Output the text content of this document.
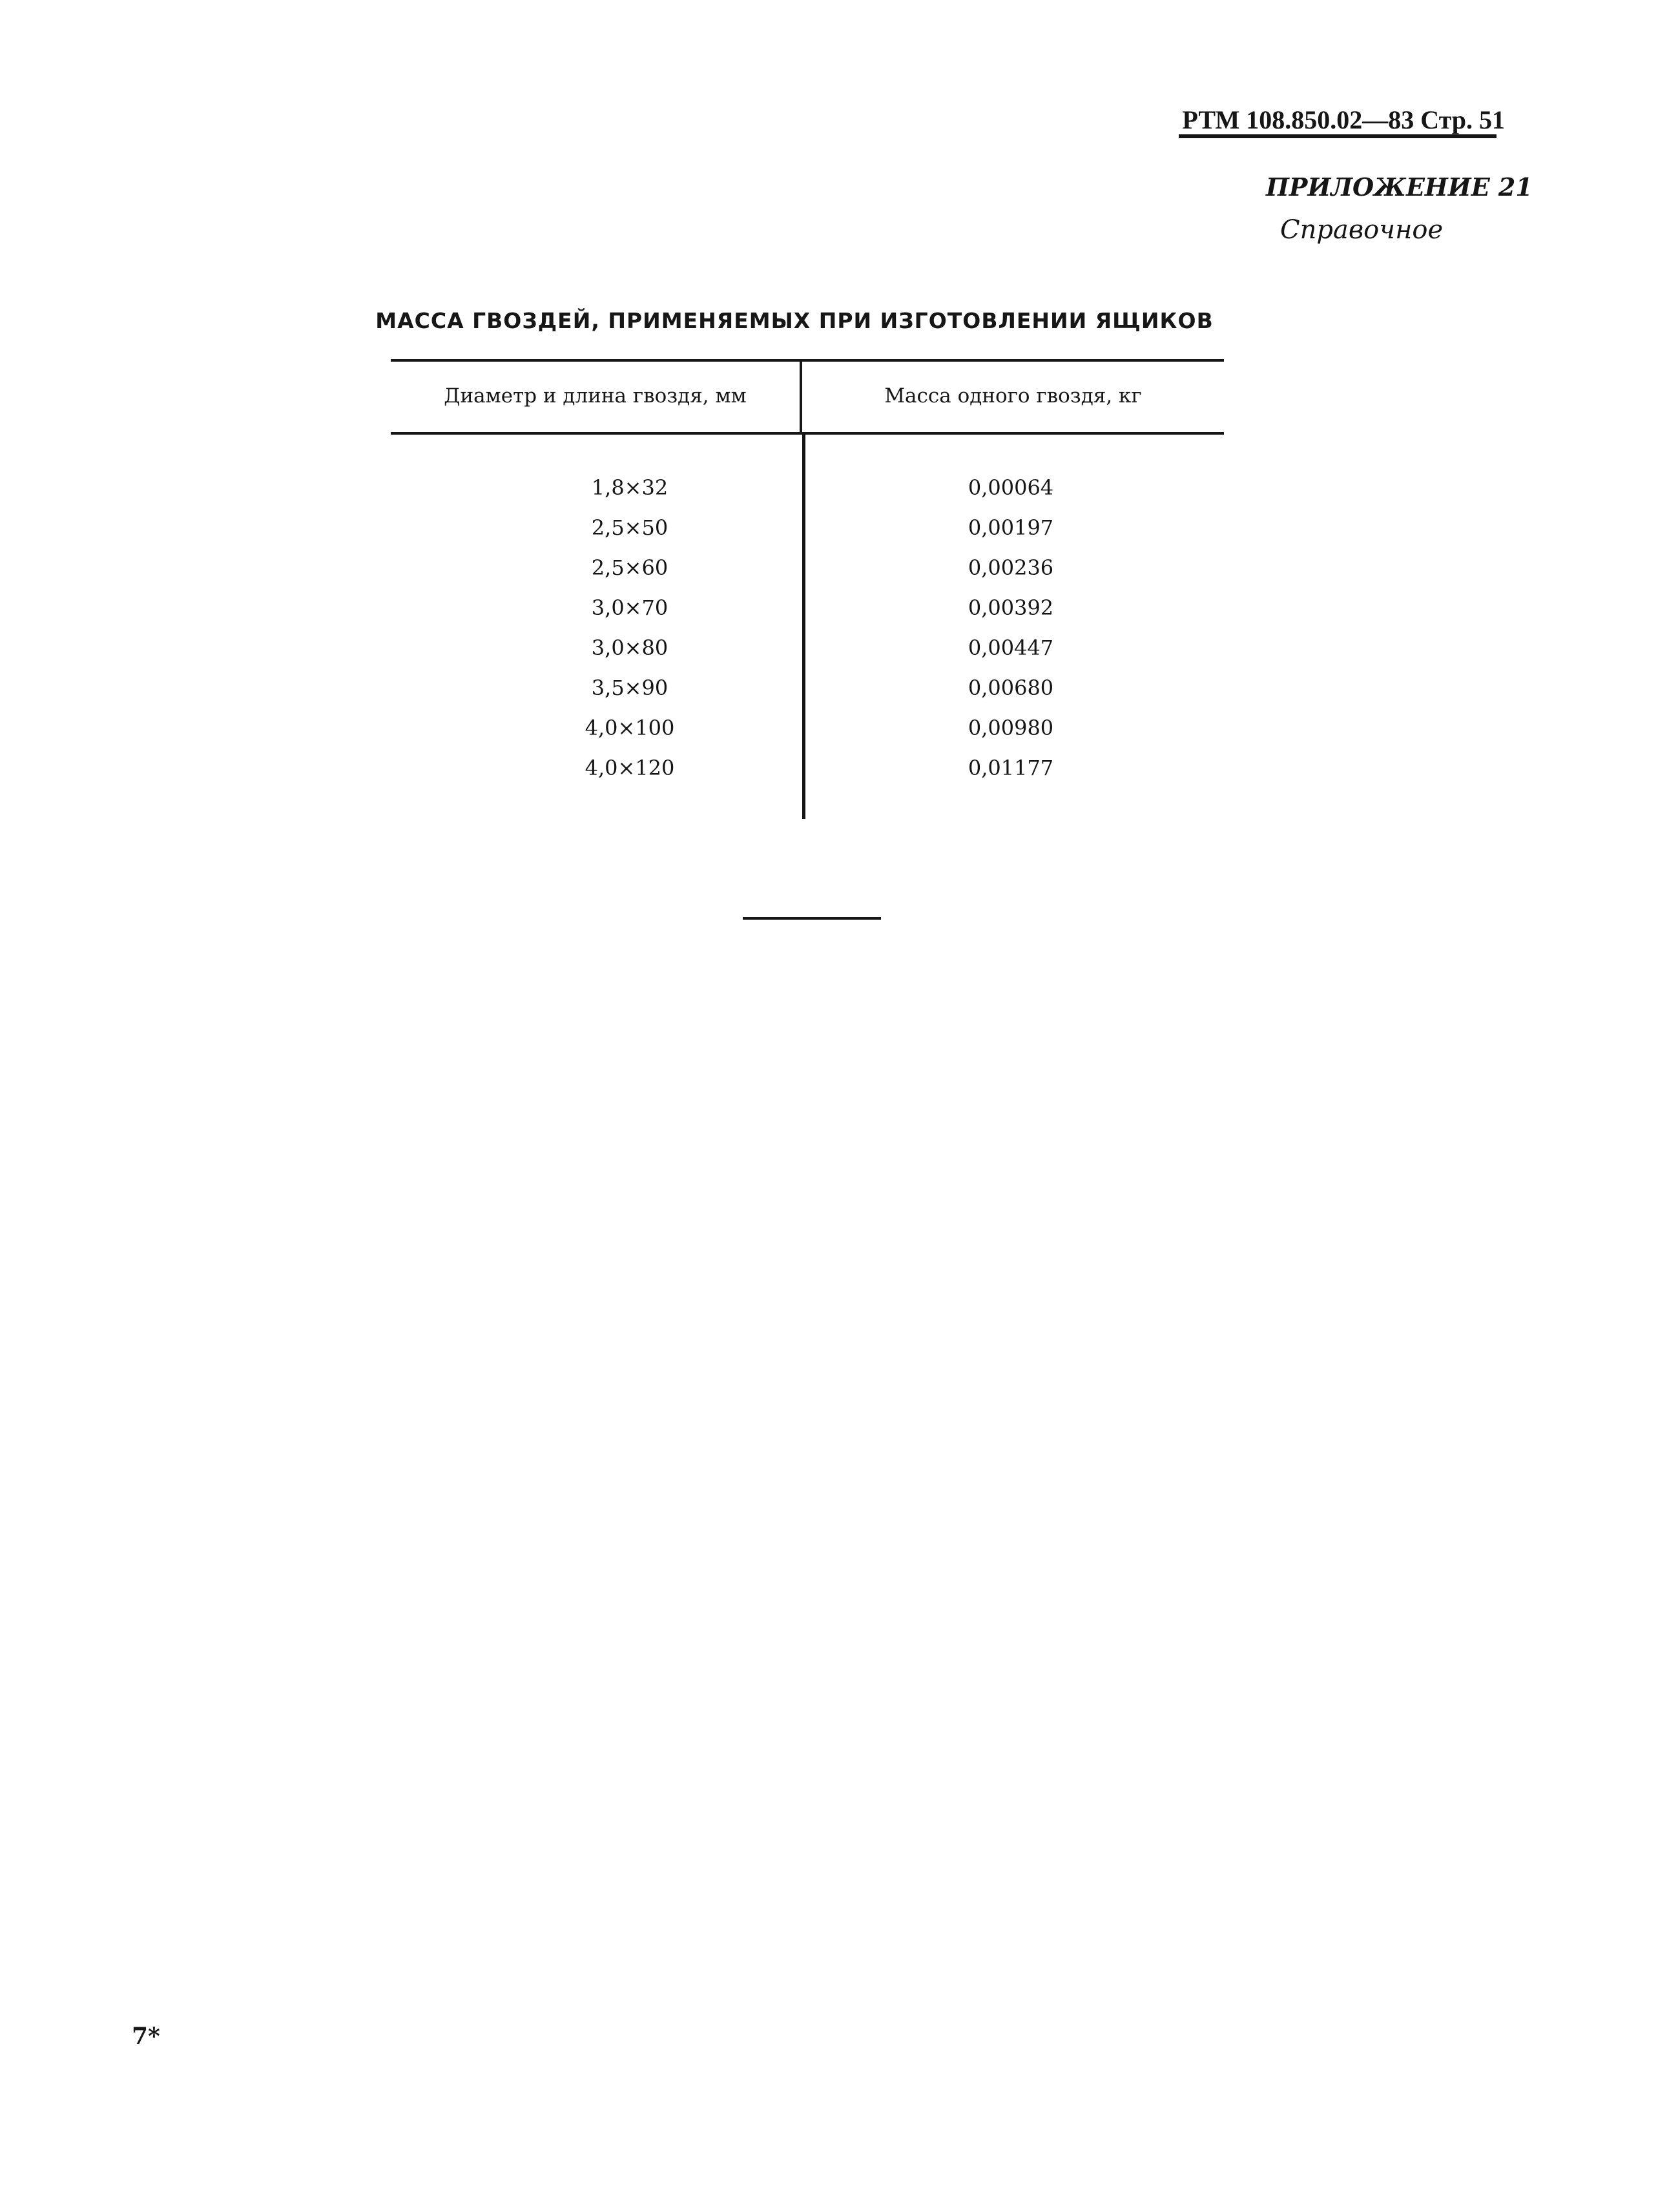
РТМ 108.850.02—83 Стр. 51
ПРИЛОЖЕНИЕ 21
Справочное
МАССА ГВОЗДЕЙ, ПРИМЕНЯЕМЫХ ПРИ ИЗГОТОВЛЕНИИ ЯЩИКОВ
Диаметр и длина гвоздя, мм	Масса одного гвоздя, кг
1,8×32	0,00064
2,5×50	0,00197
2,5×60	0,00236
3,0×70	0,00392
3,0×80	0,00447
3,5×90	0,00680
4,0×100	0,00980
4,0×120	0,01177
7*
